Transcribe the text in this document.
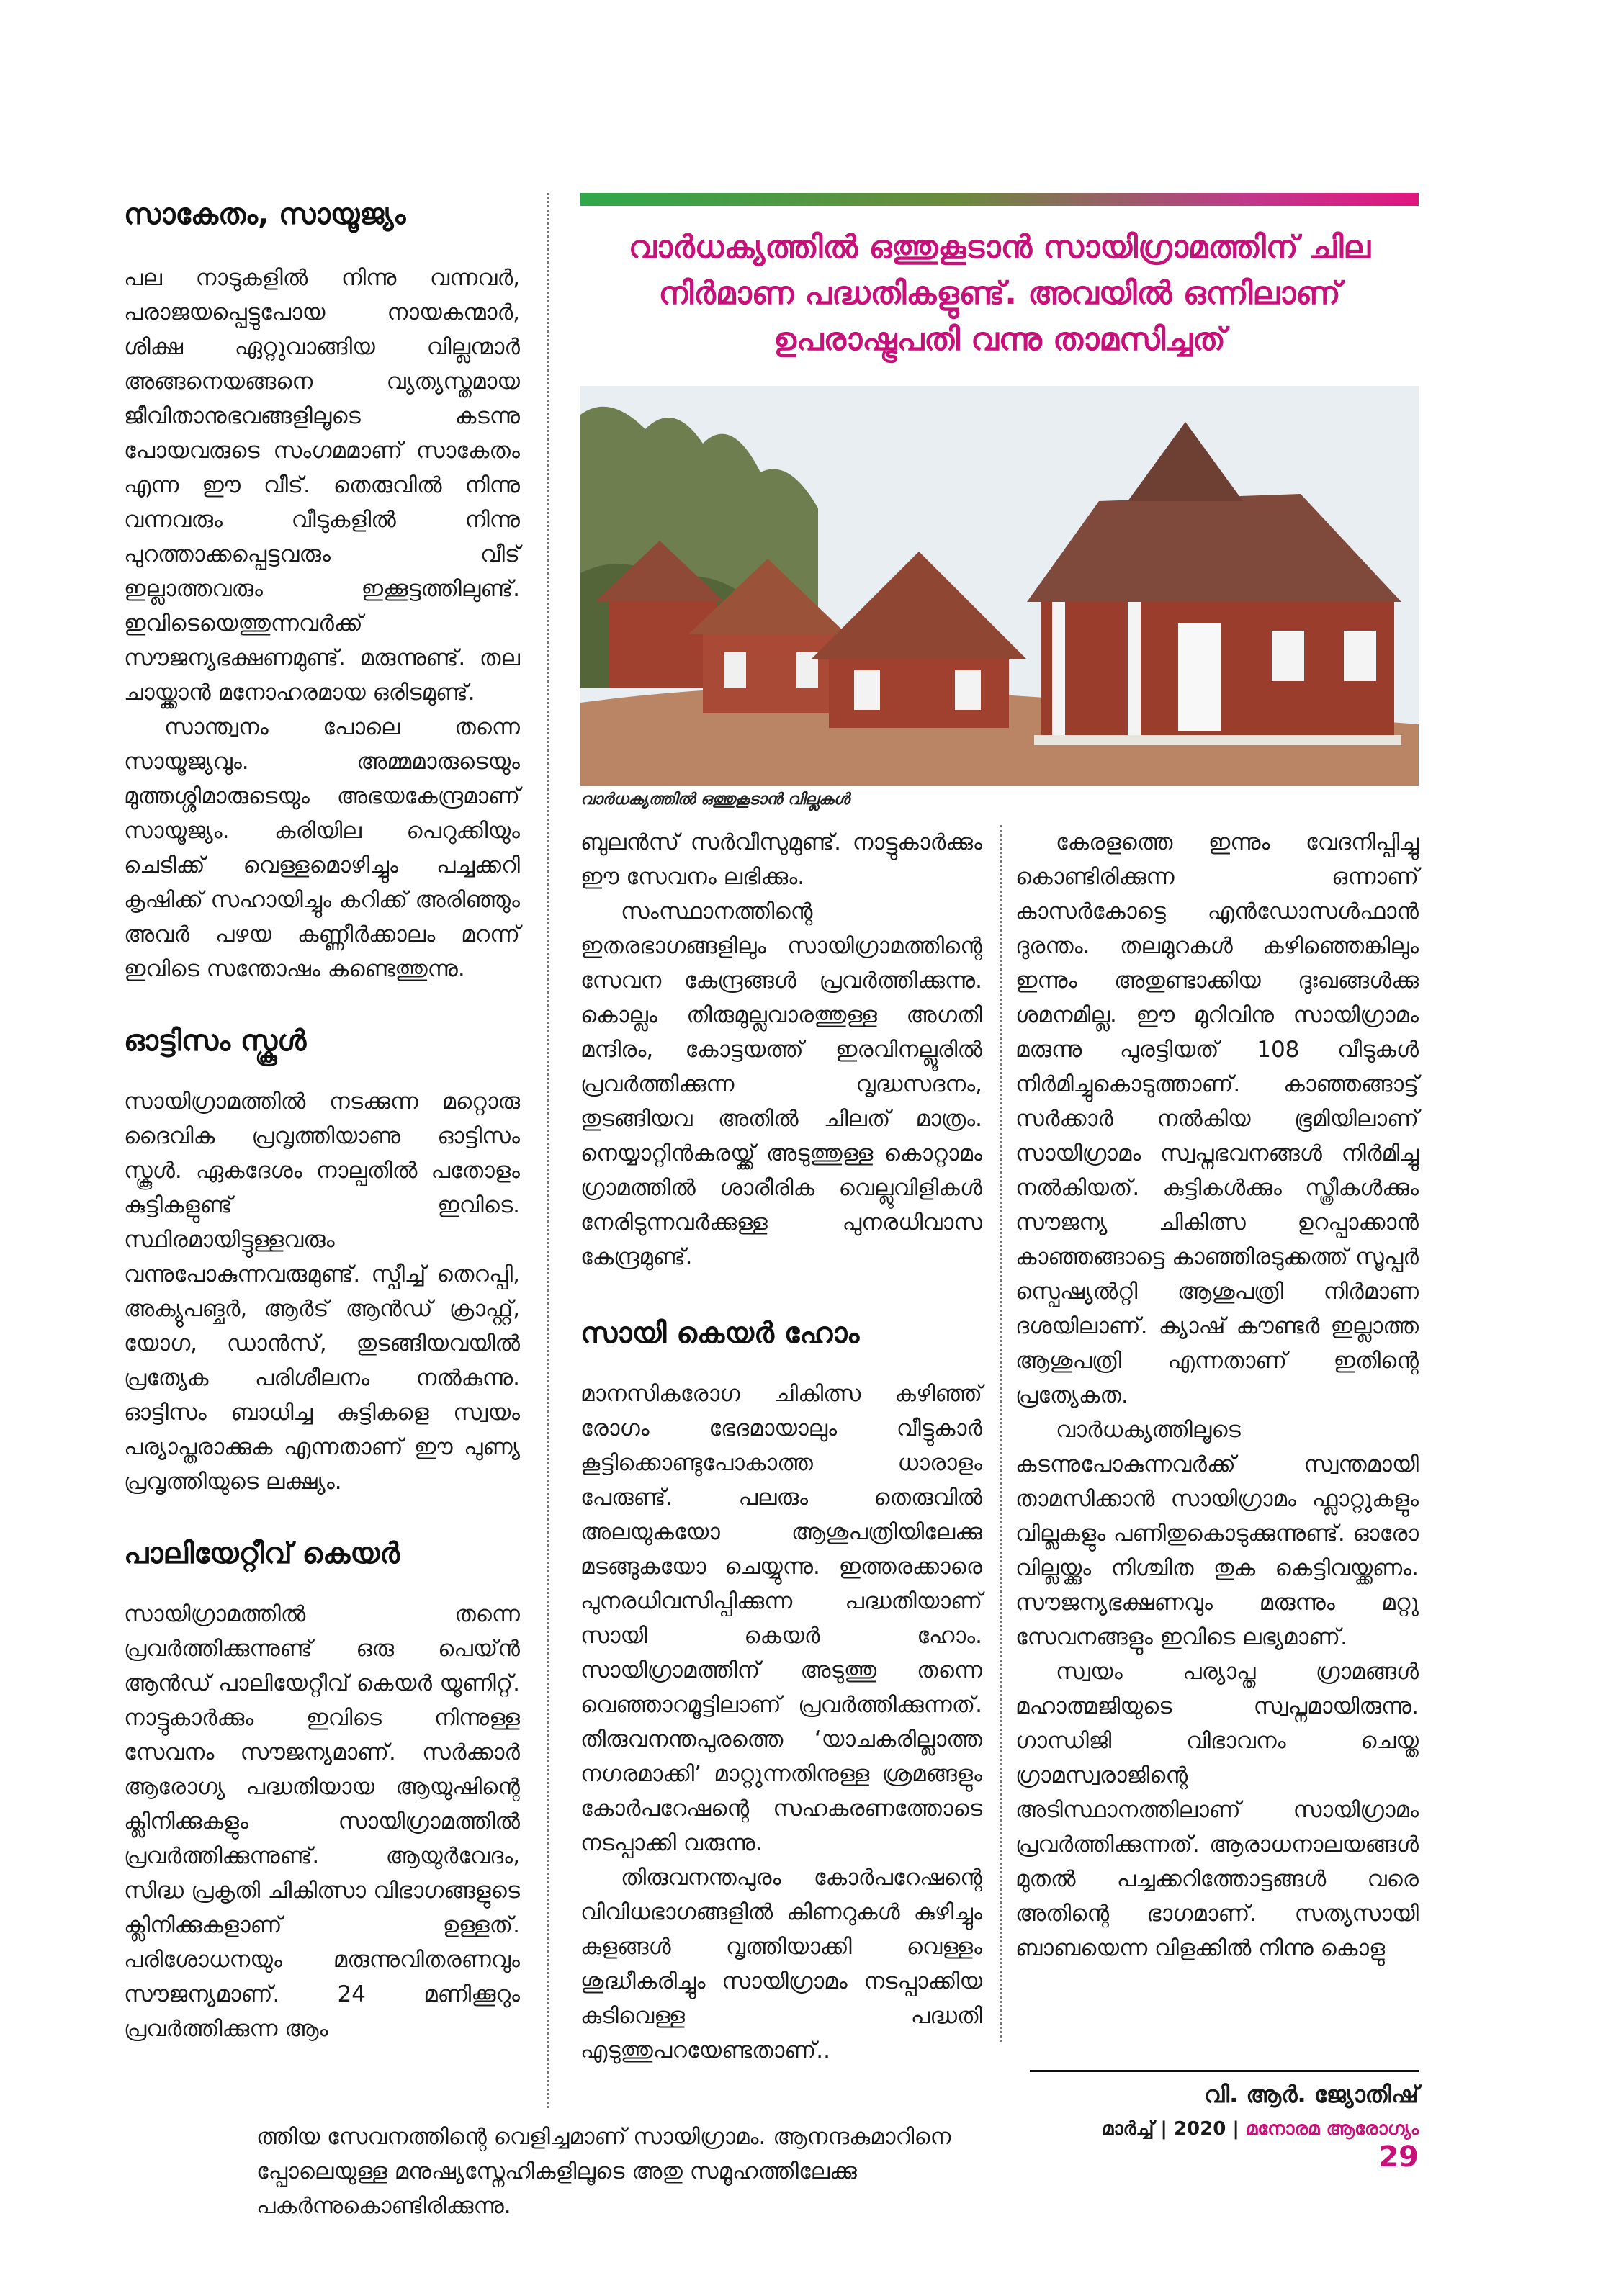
സാകേതം, സായൂജ്യം

പല നാടുകളിൽ നിന്നു വന്നവർ, പരാജയപ്പെട്ടുപോയ നായകന്മാർ, ശിക്ഷ ഏറ്റുവാങ്ങിയ വില്ലന്മാർ അങ്ങനെയങ്ങനെ വ്യത്യസ്തമായ ജീവിതാനുഭവങ്ങളിലൂടെ കടന്നു പോയവരുടെ സംഗമമാണ് സാകേതം എന്ന ഈ വീട്. തെരുവിൽ നിന്നു വന്നവരും വീടുകളിൽ നിന്നു പുറത്താക്കപ്പെട്ടവരും വീട് ഇല്ലാത്തവരും ഇക്കൂട്ടത്തിലുണ്ട്. ഇവിടെയെത്തുന്നവർക്ക് സൗജന്യഭക്ഷണമുണ്ട്. മരുന്നുണ്ട്. തല ചായ്ക്കാൻ മനോഹരമായ ഒരിടമുണ്ട്.

സാന്ത്വനം പോലെ തന്നെ സായൂജ്യവും. അമ്മമാരുടെയും മുത്തശ്ശിമാരുടെയും അഭയകേന്ദ്രമാണ് സായൂജ്യം. കരിയില പെറുക്കിയും ചെടിക്ക് വെള്ളമൊഴിച്ചും പച്ചക്കറി കൃഷിക്ക് സഹായിച്ചും കറിക്ക് അരിഞ്ഞും അവർ പഴയ കണ്ണീർക്കാലം മറന്ന് ഇവിടെ സന്തോഷം കണ്ടെത്തുന്നു.

ഓട്ടിസം സ്കൂൾ

സായിഗ്രാമത്തിൽ നടക്കുന്ന മറ്റൊരു ദൈവിക പ്രവൃത്തിയാണു ഓട്ടിസം സ്കൂൾ. ഏകദേശം നാല്പതിൽ പതോളം കുട്ടികളുണ്ട് ഇവിടെ. സ്ഥിരമായിട്ടുള്ളവരും വന്നുപോകുന്നവരുമുണ്ട്. സ്പീച്ച് തെറപ്പി, അക്യുപങ്ചർ, ആർട് ആൻഡ് ക്രാഫ്റ്റ്, യോഗ, ഡാൻസ്, തുടങ്ങിയവയിൽ പ്രത്യേക പരിശീലനം നൽകുന്നു. ഓട്ടിസം ബാധിച്ച കുട്ടികളെ സ്വയം പര്യാപ്തരാക്കുക എന്നതാണ് ഈ പുണ്യ പ്രവൃത്തിയുടെ ലക്ഷ്യം.

പാലിയേറ്റീവ് കെയർ

സായിഗ്രാമത്തിൽ തന്നെ പ്രവർത്തിക്കുന്നുണ്ട് ഒരു പെയ്ൻ ആൻഡ് പാലിയേറ്റീവ് കെയർ യൂണിറ്റ്. നാട്ടുകാർക്കും ഇവിടെ നിന്നുള്ള സേവനം സൗജന്യമാണ്. സർക്കാർ ആരോഗ്യ പദ്ധതിയായ ആയുഷിന്റെ ക്ലിനിക്കുകളും സായിഗ്രാമത്തിൽ പ്രവർത്തിക്കുന്നുണ്ട്. ആയുർവേദം, സിദ്ധ പ്രകൃതി ചികിത്സാ വിഭാഗങ്ങളുടെ ക്ലിനിക്കുകളാണ് ഉള്ളത്. പരിശോധനയും മരുന്നുവിതരണവും സൗജന്യമാണ്. 24 മണിക്കൂറും പ്രവർത്തിക്കുന്ന ആം

വാർധക്യത്തിൽ ഒത്തുകൂടാൻ സായിഗ്രാമത്തിന് ചില
നിർമാണ പദ്ധതികളുണ്ട്. അവയിൽ ഒന്നിലാണ്
ഉപരാഷ്ട്രപതി വന്നു താമസിച്ചത്
വാർധക്യത്തിൽ ഒത്തുകൂടാൻ വില്ലകൾ

ബുലൻസ് സർവീസുമുണ്ട്. നാട്ടുകാർക്കും ഈ സേവനം ലഭിക്കും.

സംസ്ഥാനത്തിന്റെ ഇതരഭാഗങ്ങളിലും സായിഗ്രാമത്തിന്റെ സേവന കേന്ദ്രങ്ങൾ പ്രവർത്തിക്കുന്നു. കൊല്ലം തിരുമുല്ലവാരത്തുള്ള അഗതി മന്ദിരം, കോട്ടയത്ത് ഇരവിനല്ലൂരിൽ പ്രവർത്തിക്കുന്ന വൃദ്ധസദനം, തുടങ്ങിയവ അതിൽ ചിലത് മാത്രം. നെയ്യാറ്റിൻകരയ്ക്ക് അടുത്തുള്ള കൊറ്റാമം ഗ്രാമത്തിൽ ശാരീരിക വെല്ലുവിളികൾ നേരിടുന്നവർക്കുള്ള പുനരധിവാസ കേന്ദ്രമുണ്ട്.

സായി കെയർ ഹോം

മാനസികരോഗ ചികിത്സ കഴിഞ്ഞ് രോഗം ഭേദമായാലും വീട്ടുകാർ കൂട്ടിക്കൊണ്ടുപോകാത്ത ധാരാളം പേരുണ്ട്. പലരും തെരുവിൽ അലയുകയോ ആശുപത്രിയിലേക്കു മടങ്ങുകയോ ചെയ്യുന്നു. ഇത്തരക്കാരെ പുനരധിവസിപ്പിക്കുന്ന പദ്ധതിയാണ് സായി കെയർ ഹോം. സായിഗ്രാമത്തിന് അടുത്തു തന്നെ വെഞ്ഞാറമൂട്ടിലാണ് പ്രവർത്തിക്കുന്നത്. തിരുവനന്തപുരത്തെ ‘യാചകരില്ലാത്ത നഗരമാക്കി’ മാറ്റുന്നതിനുള്ള ശ്രമങ്ങളും കോർപറേഷന്റെ സഹകരണത്തോടെ നടപ്പാക്കി വരുന്നു.

തിരുവനന്തപുരം കോർപറേഷന്റെ വിവിധഭാഗങ്ങളിൽ കിണറുകൾ കുഴിച്ചും കുളങ്ങൾ വൃത്തിയാക്കി വെള്ളം ശുദ്ധീകരിച്ചും സായിഗ്രാമം നടപ്പാക്കിയ കുടിവെള്ള പദ്ധതി എടുത്തുപറയേണ്ടതാണ്..

കേരളത്തെ ഇന്നും വേദനിപ്പിച്ചു കൊണ്ടിരിക്കുന്ന ഒന്നാണ് കാസർകോട്ടെ എൻഡോസൾഫാൻ ദുരന്തം. തലമുറകൾ കഴിഞ്ഞെങ്കിലും ഇന്നും അതുണ്ടാക്കിയ ദുഃഖങ്ങൾക്കു ശമനമില്ല. ഈ മുറിവിനു സായിഗ്രാമം മരുന്നു പുരട്ടിയത് 108 വീടുകൾ നിർമിച്ചുകൊടുത്താണ്. കാഞ്ഞങ്ങാട്ട് സർക്കാർ നൽകിയ ഭൂമിയിലാണ് സായിഗ്രാമം സ്വപ്നഭവനങ്ങൾ നിർമിച്ചു നൽകിയത്. കുട്ടികൾക്കും സ്ത്രീകൾക്കും സൗജന്യ ചികിത്സ ഉറപ്പാക്കാൻ കാഞ്ഞങ്ങാട്ടെ കാഞ്ഞിരടുക്കത്ത് സൂപ്പർ സ്പെഷ്യൽറ്റി ആശുപത്രി നിർമാണ ദശയിലാണ്. ക്യാഷ് കൗണ്ടർ ഇല്ലാത്ത ആശുപത്രി എന്നതാണ് ഇതിന്റെ പ്രത്യേകത.

വാർധക്യത്തിലൂടെ കടന്നുപോകുന്നവർക്ക് സ്വന്തമായി താമസിക്കാൻ സായിഗ്രാമം ഫ്ലാറ്റുകളും വില്ലകളും പണിതുകൊടുക്കുന്നുണ്ട്. ഓരോ വില്ലയ്ക്കും നിശ്ചിത തുക കെട്ടിവയ്ക്കണം. സൗജന്യഭക്ഷണവും മരുന്നും മറ്റു സേവനങ്ങളും ഇവിടെ ലഭ്യമാണ്.

സ്വയം പര്യാപ്ത ഗ്രാമങ്ങൾ മഹാത്മജിയുടെ സ്വപ്നമായിരുന്നു. ഗാന്ധിജി വിഭാവനം ചെയ്ത ഗ്രാമസ്വരാജിന്റെ അടിസ്ഥാനത്തിലാണ് സായിഗ്രാമം പ്രവർത്തിക്കുന്നത്. ആരാധനാലയങ്ങൾ മുതൽ പച്ചക്കറിത്തോട്ടങ്ങൾ വരെ അതിന്റെ ഭാഗമാണ്. സത്യസായി ബാബയെന്ന വിളക്കിൽ നിന്നു കൊളു

വി. ആർ. ജ്യോതിഷ്

ത്തിയ സേവനത്തിന്റെ വെളിച്ചമാണ് സായിഗ്രാമം. ആനന്ദകുമാറിനെ

പ്പോലെയുള്ള മനുഷ്യസ്നേഹികളിലൂടെ അതു സമൂഹത്തിലേക്കു

പകർന്നുകൊണ്ടിരിക്കുന്നു.

മാർച്ച് | 2020 | മനോരമ ആരോഗ്യം 29
